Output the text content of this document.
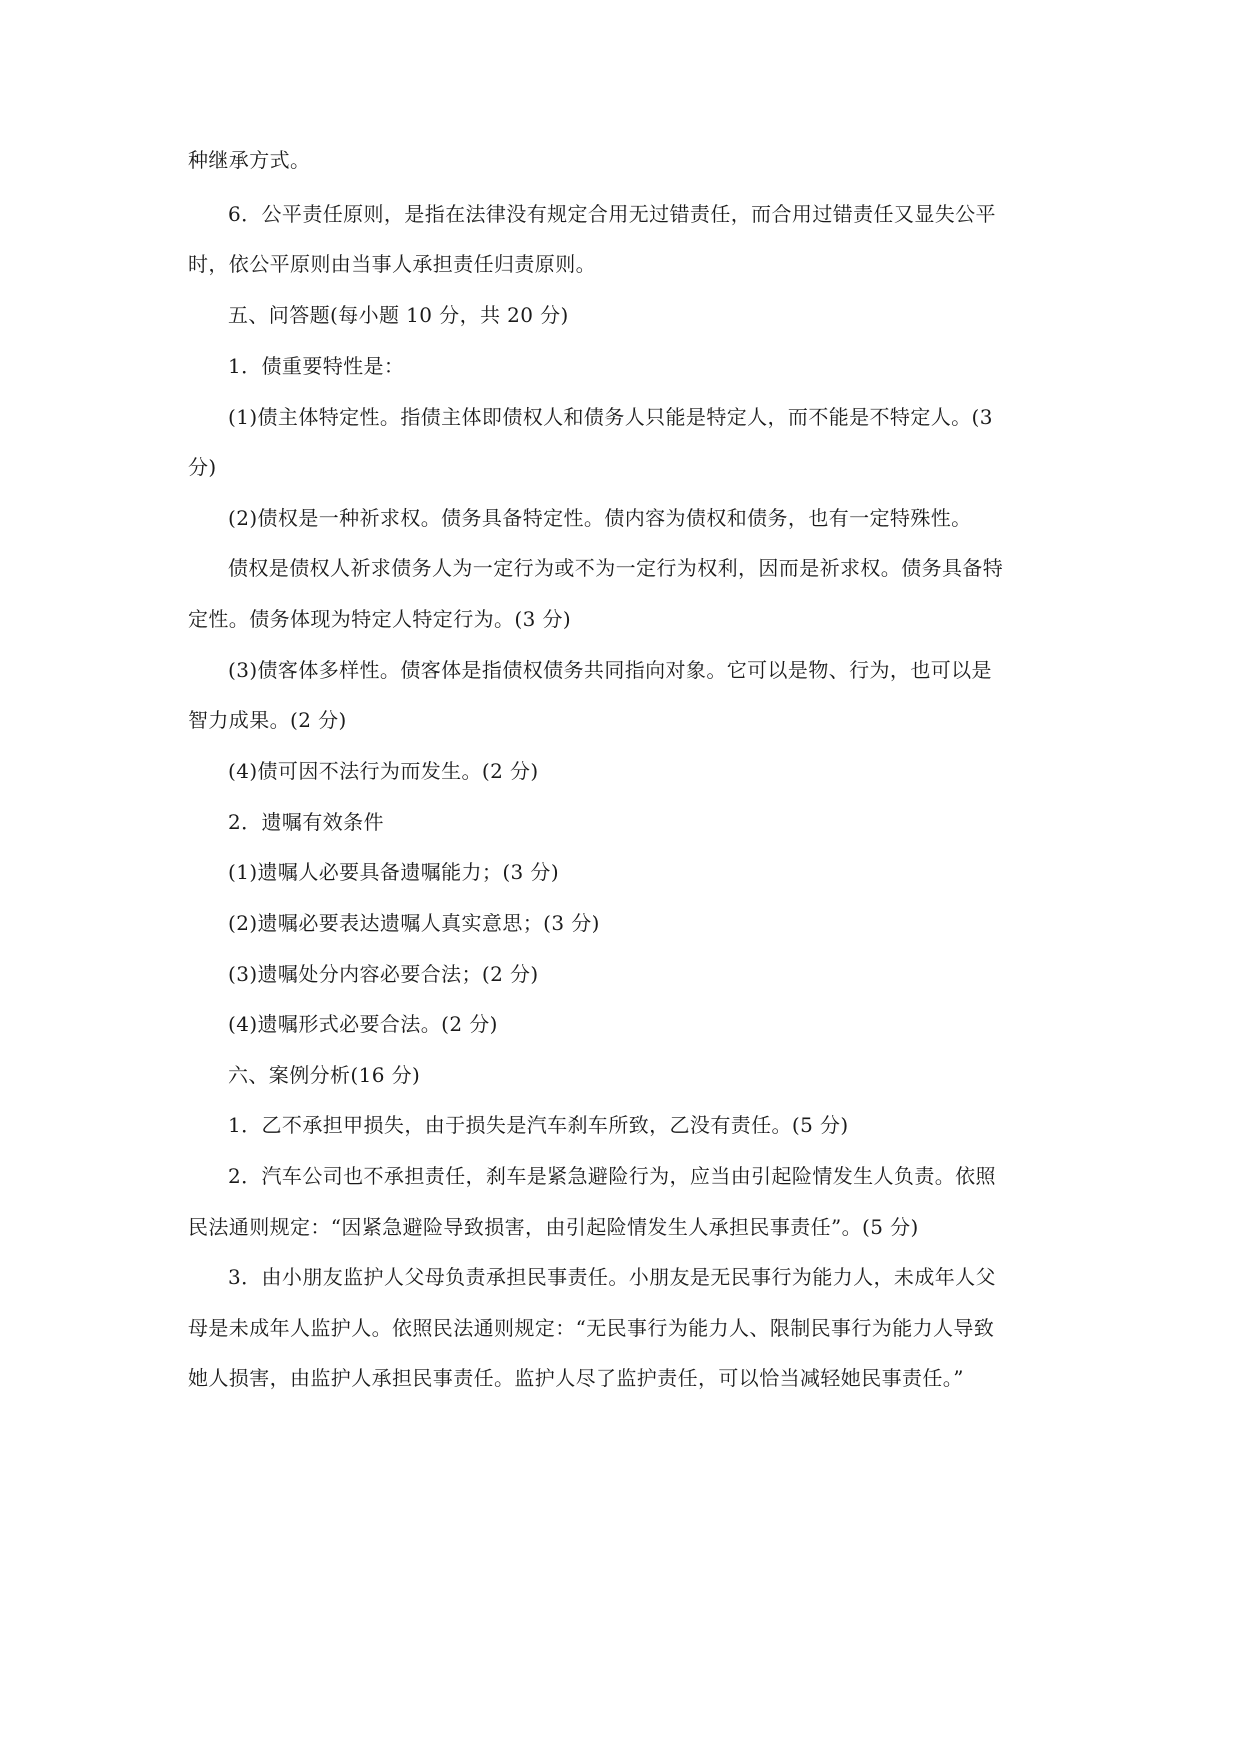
种继承方式。
6．公平责任原则，是指在法律没有规定合用无过错责任，而合用过错责任又显失公平
时，依公平原则由当事人承担责任归责原则。
五、问答题(每小题 10 分，共 20 分)
1．债重要特性是：
(1)债主体特定性。指债主体即债权人和债务人只能是特定人，而不能是不特定人。(3
分)
(2)债权是一种祈求权。债务具备特定性。债内容为债权和债务，也有一定特殊性。
债权是债权人祈求债务人为一定行为或不为一定行为权利，因而是祈求权。债务具备特
定性。债务体现为特定人特定行为。(3 分)
(3)债客体多样性。债客体是指债权债务共同指向对象。它可以是物、行为，也可以是
智力成果。(2 分)
(4)债可因不法行为而发生。(2 分)
2．遗嘱有效条件
(1)遗嘱人必要具备遗嘱能力；(3 分)
(2)遗嘱必要表达遗嘱人真实意思；(3 分)
(3)遗嘱处分内容必要合法；(2 分)
(4)遗嘱形式必要合法。(2 分)
六、案例分析(16 分)
1．乙不承担甲损失，由于损失是汽车刹车所致，乙没有责任。(5 分)
2．汽车公司也不承担责任，刹车是紧急避险行为，应当由引起险情发生人负责。依照
民法通则规定：“因紧急避险导致损害，由引起险情发生人承担民事责任”。(5 分)
3．由小朋友监护人父母负责承担民事责任。小朋友是无民事行为能力人，未成年人父
母是未成年人监护人。依照民法通则规定：“无民事行为能力人、限制民事行为能力人导致
她人损害，由监护人承担民事责任。监护人尽了监护责任，可以恰当减轻她民事责任。”
